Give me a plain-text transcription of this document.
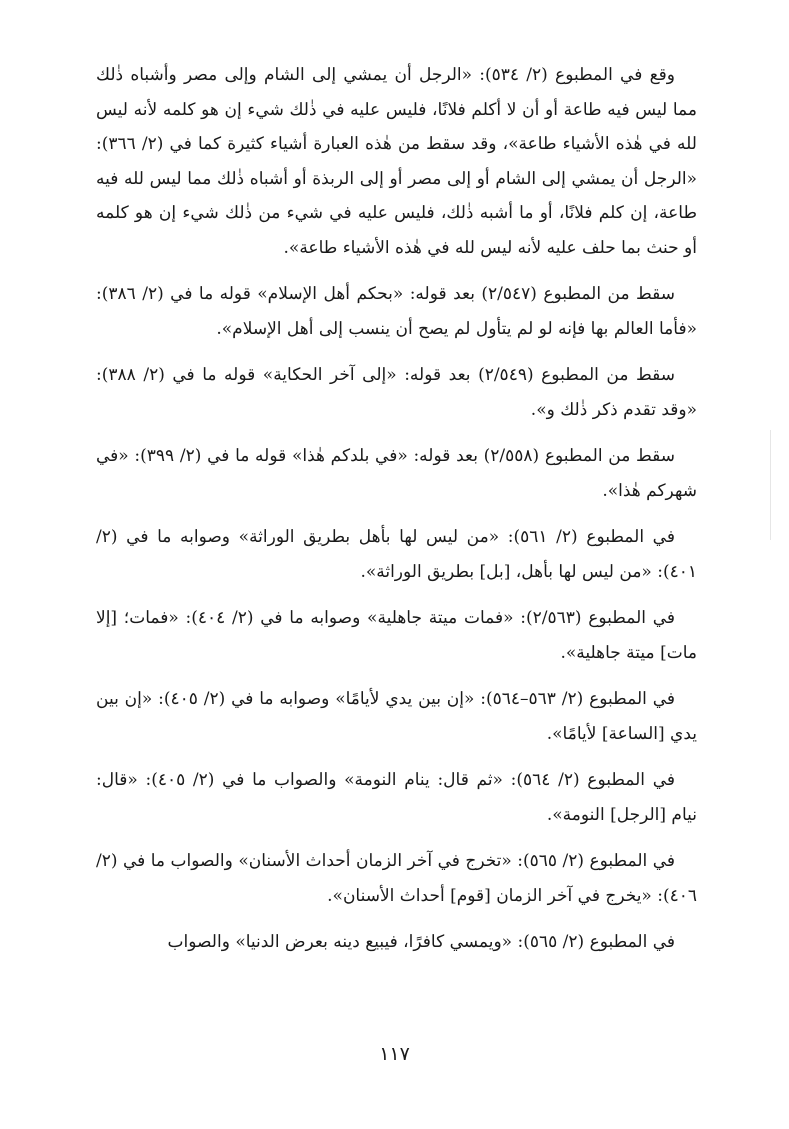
وقع في المطبوع (٢/ ٥٣٤): «الرجل أن يمشي إلى الشام وإلى مصر وأشباه ذٰلك مما ليس فيه طاعة أو أن لا أكلم فلانًا، فليس عليه في ذٰلك شيء إن هو كلمه لأنه ليس لله في هٰذه الأشياء طاعة»، وقد سقط من هٰذه العبارة أشياء كثيرة كما في (٢/ ٣٦٦): «الرجل أن يمشي إلى الشام أو إلى مصر أو إلى الربذة أو أشباه ذٰلك مما ليس لله فيه طاعة، إن كلم فلانًا، أو ما أشبه ذٰلك، فليس عليه في شيء من ذٰلك شيء إن هو كلمه أو حنث بما حلف عليه لأنه ليس لله في هٰذه الأشياء طاعة».

سقط من المطبوع (٢/٥٤٧) بعد قوله: «بحكم أهل الإسلام» قوله ما في (٢/ ٣٨٦): «فأما العالم بها فإنه لو لم يتأول لم يصح أن ينسب إلى أهل الإسلام».

سقط من المطبوع (٢/٥٤٩) بعد قوله: «إلى آخر الحكاية» قوله ما في (٢/ ٣٨٨): «وقد تقدم ذكر ذٰلك و».

سقط من المطبوع (٢/٥٥٨) بعد قوله: «في بلدكم هٰذا» قوله ما في (٢/ ٣٩٩): «في شهركم هٰذا».

في المطبوع (٢/ ٥٦١): «من ليس لها بأهل بطريق الوراثة» وصوابه ما في (٢/ ٤٠١): «من ليس لها بأهل، [بل] بطريق الوراثة».

في المطبوع (٢/٥٦٣): «فمات ميتة جاهلية» وصوابه ما في (٢/ ٤٠٤): «فمات؛ [إلا مات] ميتة جاهلية».

في المطبوع (٢/ ٥٦٣–٥٦٤): «إن بين يدي لأيامًا» وصوابه ما في (٢/ ٤٠٥): «إن بين يدي [الساعة] لأيامًا».

في المطبوع (٢/ ٥٦٤): «ثم قال: ينام النومة» والصواب ما في (٢/ ٤٠٥): «قال: نيام [الرجل] النومة».

في المطبوع (٢/ ٥٦٥): «تخرج في آخر الزمان أحداث الأسنان» والصواب ما في (٢/ ٤٠٦): «يخرج في آخر الزمان [قوم] أحداث الأسنان».

في المطبوع (٢/ ٥٦٥): «ويمسي كافرًا، فيبيع دينه بعرض الدنيا» والصواب

١١٧
